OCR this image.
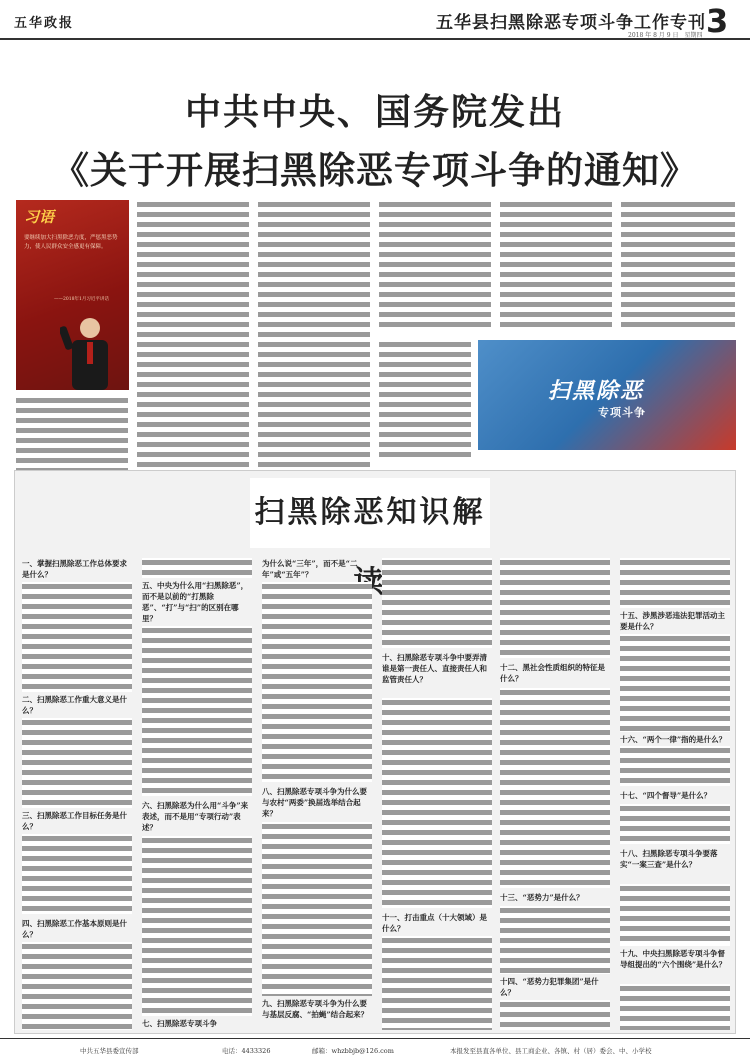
五华政报	五华县扫黑除恶专项斗争工作专刊 3
2018 年 8 月 9 日　星期四
中共中央、国务院发出
《关于开展扫黑除恶专项斗争的通知》
习语
要继续加大扫黑除恶力度，严惩黑恶势力，使人民群众安全感更有保障。
——2018年1月习近平讲话
扫黑除恶
专项斗争
扫黑除恶知识解
一、掌握扫黑除恶工作总体要求是什么？
二、扫黑除恶工作重大意义是什么？
三、扫黑除恶工作目标任务是什么？
四、扫黑除恶工作基本原则是什么？
五、中央为什么用“扫黑除恶”，而不是以前的“打黑除恶”、“打”与“扫”的区别在哪里？
六、扫黑除恶为什么用“斗争”来表述，而不是用“专项行动”表述？
七、扫黑除恶专项斗争
为什么说“三年”，而不是“二年”或“五年”？
八、扫黑除恶专项斗争为什么要与农村“两委”换届选举结合起来？
九、扫黑除恶专项斗争为什么要与基层反腐、“拍蝇”结合起来？
十、扫黑除恶专项斗争中要弄清谁是第一责任人、直接责任人和监管责任人？
十一、打击重点（十大领域）是什么？
十二、黑社会性质组织的特征是什么？
十三、“恶势力”是什么？
十四、“恶势力犯罪集团”是什么？
十五、涉黑涉恶违法犯罪活动主要是什么？
十六、“两个一律”指的是什么？
十七、“四个督导”是什么？
十八、扫黑除恶专项斗争要落实“一案三查”是什么？
十九、中央扫黑除恶专项斗争督导组提出的“六个围绕”是什么？
中共五华县委宣传部	电话：4433326	邮箱：whzbbjb@126.com	本报发至县直各单位、县工商企业、各镇、村（居）委会、中、小学校
